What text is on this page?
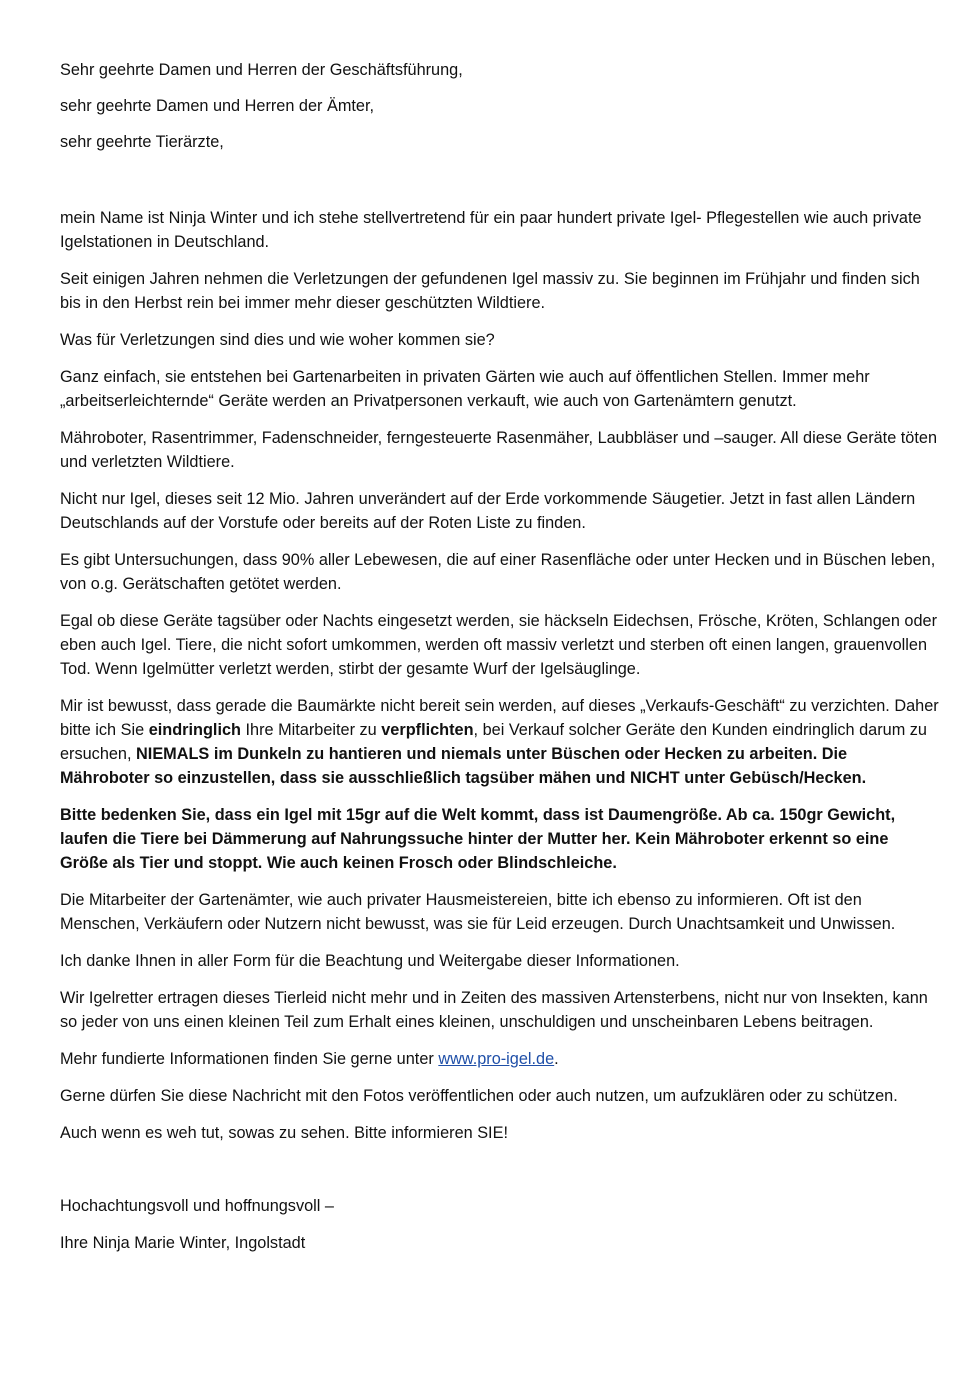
Sehr geehrte Damen und Herren der Geschäftsführung,

sehr geehrte Damen und Herren der Ämter,

sehr geehrte Tierärzte,

mein Name ist Ninja Winter und ich stehe stellvertretend für ein paar hundert private Igel- Pflegestellen wie auch private Igelstationen in Deutschland.

Seit einigen Jahren nehmen die Verletzungen der gefundenen Igel massiv zu. Sie beginnen im Frühjahr und finden sich bis in den Herbst rein bei immer mehr dieser geschützten Wildtiere.

Was für Verletzungen sind dies und wie woher kommen sie?

Ganz einfach, sie entstehen bei Gartenarbeiten in privaten Gärten wie auch auf öffentlichen Stellen. Immer mehr „arbeitserleichternde“ Geräte werden an Privatpersonen verkauft, wie auch von Gartenämtern genutzt.

Mähroboter, Rasentrimmer, Fadenschneider, ferngesteuerte Rasenmäher, Laubbläser und –sauger. All diese Geräte töten und verletzten Wildtiere.

Nicht nur Igel, dieses seit 12 Mio. Jahren unverändert auf der Erde vorkommende Säugetier. Jetzt in fast allen Ländern Deutschlands auf der Vorstufe oder bereits auf der Roten Liste zu finden.

Es gibt Untersuchungen, dass 90% aller Lebewesen, die auf einer Rasenfläche oder unter Hecken und in Büschen leben, von o.g. Gerätschaften getötet werden.

Egal ob diese Geräte tagsüber oder Nachts eingesetzt werden, sie häckseln Eidechsen, Frösche, Kröten, Schlangen oder eben auch Igel. Tiere, die nicht sofort umkommen, werden oft massiv verletzt und sterben oft einen langen, grauenvollen Tod. Wenn Igelmütter verletzt werden, stirbt der gesamte Wurf der Igelsäuglinge.

Mir ist bewusst, dass gerade die Baumärkte nicht bereit sein werden, auf dieses „Verkaufs-Geschäft“ zu verzichten. Daher bitte ich Sie eindringlich Ihre Mitarbeiter zu verpflichten, bei Verkauf solcher Geräte den Kunden eindringlich darum zu ersuchen, NIEMALS im Dunkeln zu hantieren und niemals unter Büschen oder Hecken zu arbeiten. Die Mähroboter so einzustellen, dass sie ausschließlich tagsüber mähen und NICHT unter Gebüsch/Hecken.

Bitte bedenken Sie, dass ein Igel mit 15gr auf die Welt kommt, dass ist Daumengröße. Ab ca. 150gr Gewicht, laufen die Tiere bei Dämmerung auf Nahrungssuche hinter der Mutter her. Kein Mähroboter erkennt so eine Größe als Tier und stoppt. Wie auch keinen Frosch oder Blindschleiche.

Die Mitarbeiter der Gartenämter, wie auch privater Hausmeistereien, bitte ich ebenso zu informieren. Oft ist den Menschen, Verkäufern oder Nutzern nicht bewusst, was sie für Leid erzeugen. Durch Unachtsamkeit und Unwissen.

Ich danke Ihnen in aller Form für die Beachtung und Weitergabe dieser Informationen.

Wir Igelretter ertragen dieses Tierleid nicht mehr und in Zeiten des massiven Artensterbens, nicht nur von Insekten, kann so jeder von uns einen kleinen Teil zum Erhalt eines kleinen, unschuldigen und unscheinbaren Lebens beitragen.

Mehr fundierte Informationen finden Sie gerne unter www.pro-igel.de.

Gerne dürfen Sie diese Nachricht mit den Fotos veröffentlichen oder auch nutzen, um aufzuklären oder zu schützen.

Auch wenn es weh tut, sowas zu sehen. Bitte informieren SIE!

Hochachtungsvoll und hoffnungsvoll –

Ihre Ninja Marie Winter, Ingolstadt
